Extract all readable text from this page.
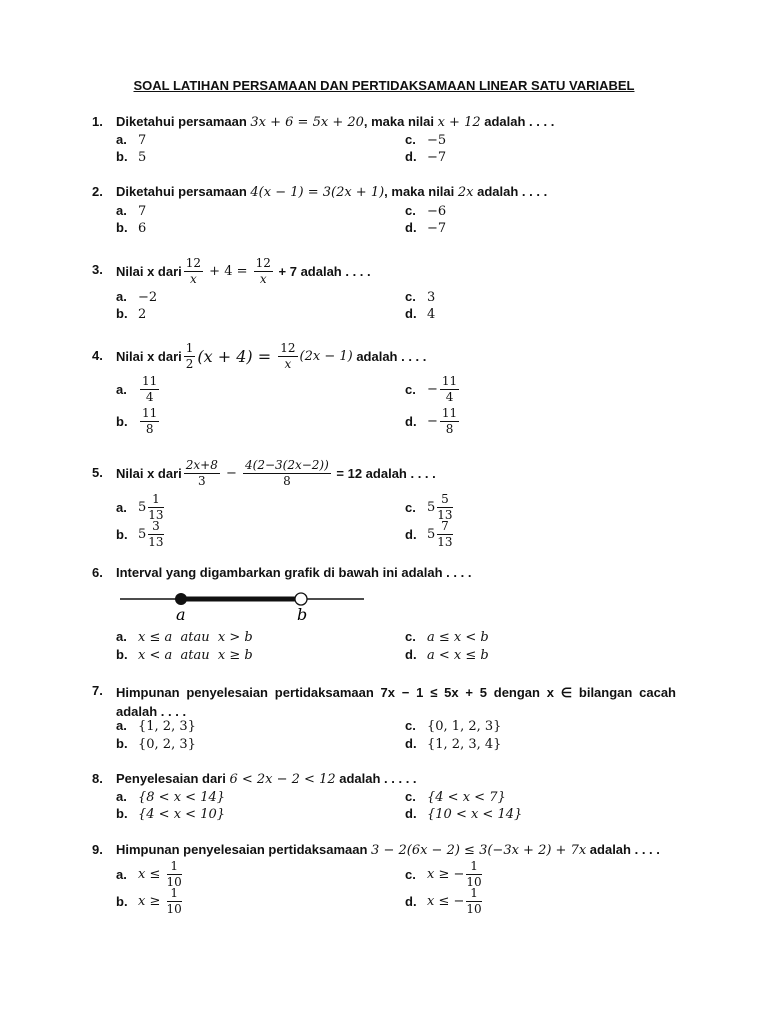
SOAL LATIHAN PERSAMAAN DAN PERTIDAKSAMAAN LINEAR SATU VARIABEL
1. Diketahui persamaan 3x + 6 = 5x + 20, maka nilai x + 12 adalah . . . .
a. 7	c. −5
b. 5	d. −7
2. Diketahui persamaan 4(x − 1) = 3(2x + 1), maka nilai 2x adalah . . . .
a. 7	c. −6
b. 6	d. −7
3. Nilai x dari $\frac{12}{x} + 4 = \frac{12}{x} + 7$ adalah . . . .
a. −2	c. 3
b. 2	d. 4
4. Nilai x dari $\frac{1}{2} (x + 4) = \frac{12}{x} (2x - 1)$ adalah . . . .
a.	$\frac{11}{4}$	c. − $\frac{11}{4}$
b.	$\frac{11}{8}$	d. − $\frac{11}{8}$
5. Nilai x dari $\frac{2x+8}{3} - \frac{4(2-3(2x-2))}{8} = 12$ adalah . . . .
a. $5 \frac{1}{13}$	c. $5 \frac{5}{13}$
b. $5 \frac{3}{13}$	d. $5 \frac{7}{13}$
6. Interval yang digambarkan grafik di bawah ini adalah . . . .
a	b
a. x ≤ a  atau  x > b	c. a ≤ x < b
b. x < a  atau  x ≥ b	d. a < x ≤ b
7. Himpunan penyelesaian pertidaksamaan 7x − 1 ≤ 5x + 5 dengan x ∈ bilangan cacah adalah . . . .
a. {1, 2, 3}	c. {0, 1, 2, 3}
b. {0, 2, 3}	d. {1, 2, 3, 4}
8. Penyelesaian dari 6 < 2x − 2 < 12 adalah . . . . .
a. {8 < x < 14}	c. {4 < x < 7}
b. {4 < x < 10}	d. {10 < x < 14}
9. Himpunan penyelesaian pertidaksamaan 3 − 2(6x − 2) ≤ 3(−3x + 2) + 7x adalah . . . .
a. $x \le \frac{1}{10}$	c. x ≥ − $\frac{1}{10}$
b. $x \ge \frac{1}{10}$	d. x ≤ − $\frac{1}{10}$
